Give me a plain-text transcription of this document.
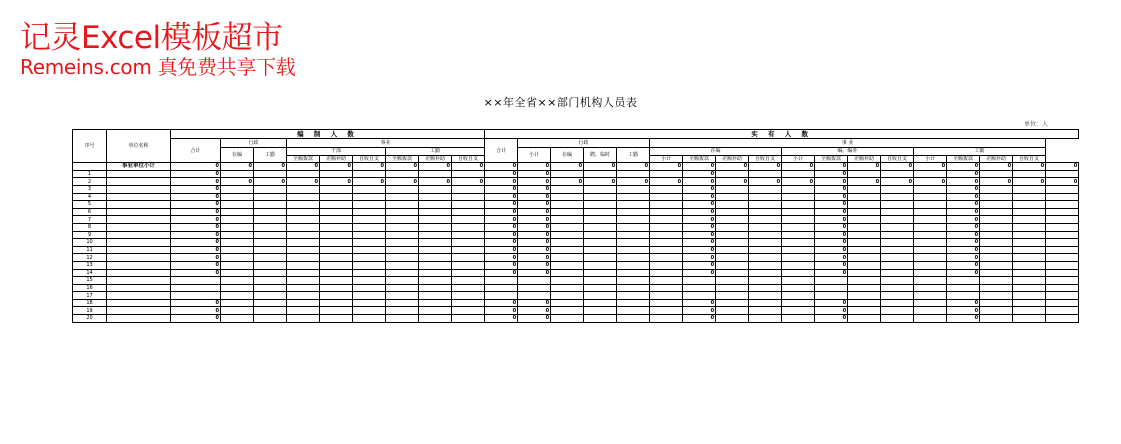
记灵Excel模板超市
Remeins.com 真免费共享下载
××年全省××部门机构人员表
单位：人
序号	单位名称	编 制 人 数									实 有 人 数																	
		合计	行政		事业						合计	行政				事 业												
			在编	工勤	干部			工勤				小计	在编	聘、临时	工勤	在编				编、编外				工勤				
					全额拨款	差额补助	自收自支	全额拨款	差额补助	自收自支						小计	全额拨款	差额补助	自收自支	小计	全额拨款	差额补助	自收自支	小计	全额拨款	差额补助	自收自支	
	事业单位小计	0	0	0	0	0	0	0	0	0	0	0	0	0	0	0	0	0	0	0	0	0	0	0	0	0	0	0
1		0									0	0					0				0				0			
2		0	0	0	0	0	0	0	0	0	0	0	0	0	0	0	0	0	0	0	0	0	0	0	0	0	0	0
3		0									0	0					0				0				0			
4		0									0	0					0				0				0			
5		0									0	0					0				0				0			
6		0									0	0					0				0				0			
7		0									0	0					0				0				0			
8		0									0	0					0				0				0			
9		0									0	0					0				0				0			
10		0									0	0					0				0				0			
11		0									0	0					0				0				0			
12		0									0	0					0				0				0			
13		0									0	0					0				0				0			
14		0									0	0					0				0				0			
15																												
16																												
17																												
18		0									0	0					0				0				0			
19		0									0	0					0				0				0			
20		0									0	0					0				0				0			
